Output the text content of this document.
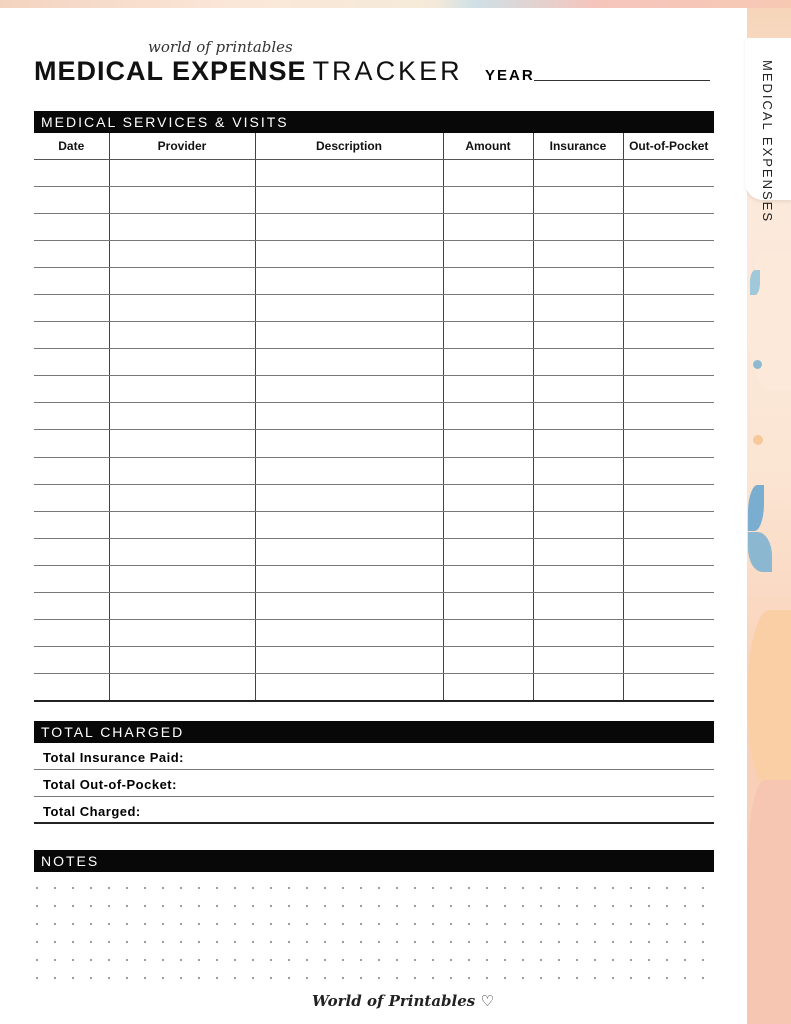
MEDICAL EXPENSES
world of printables
MEDICAL EXPENSE TRACKER YEAR
MEDICAL SERVICES & VISITS
Date	Provider	Description	Amount	Insurance	Out-of-Pocket

TOTAL CHARGED
Total Insurance Paid:
Total Out-of-Pocket:
Total Charged:
NOTES
World of Printables ♡
